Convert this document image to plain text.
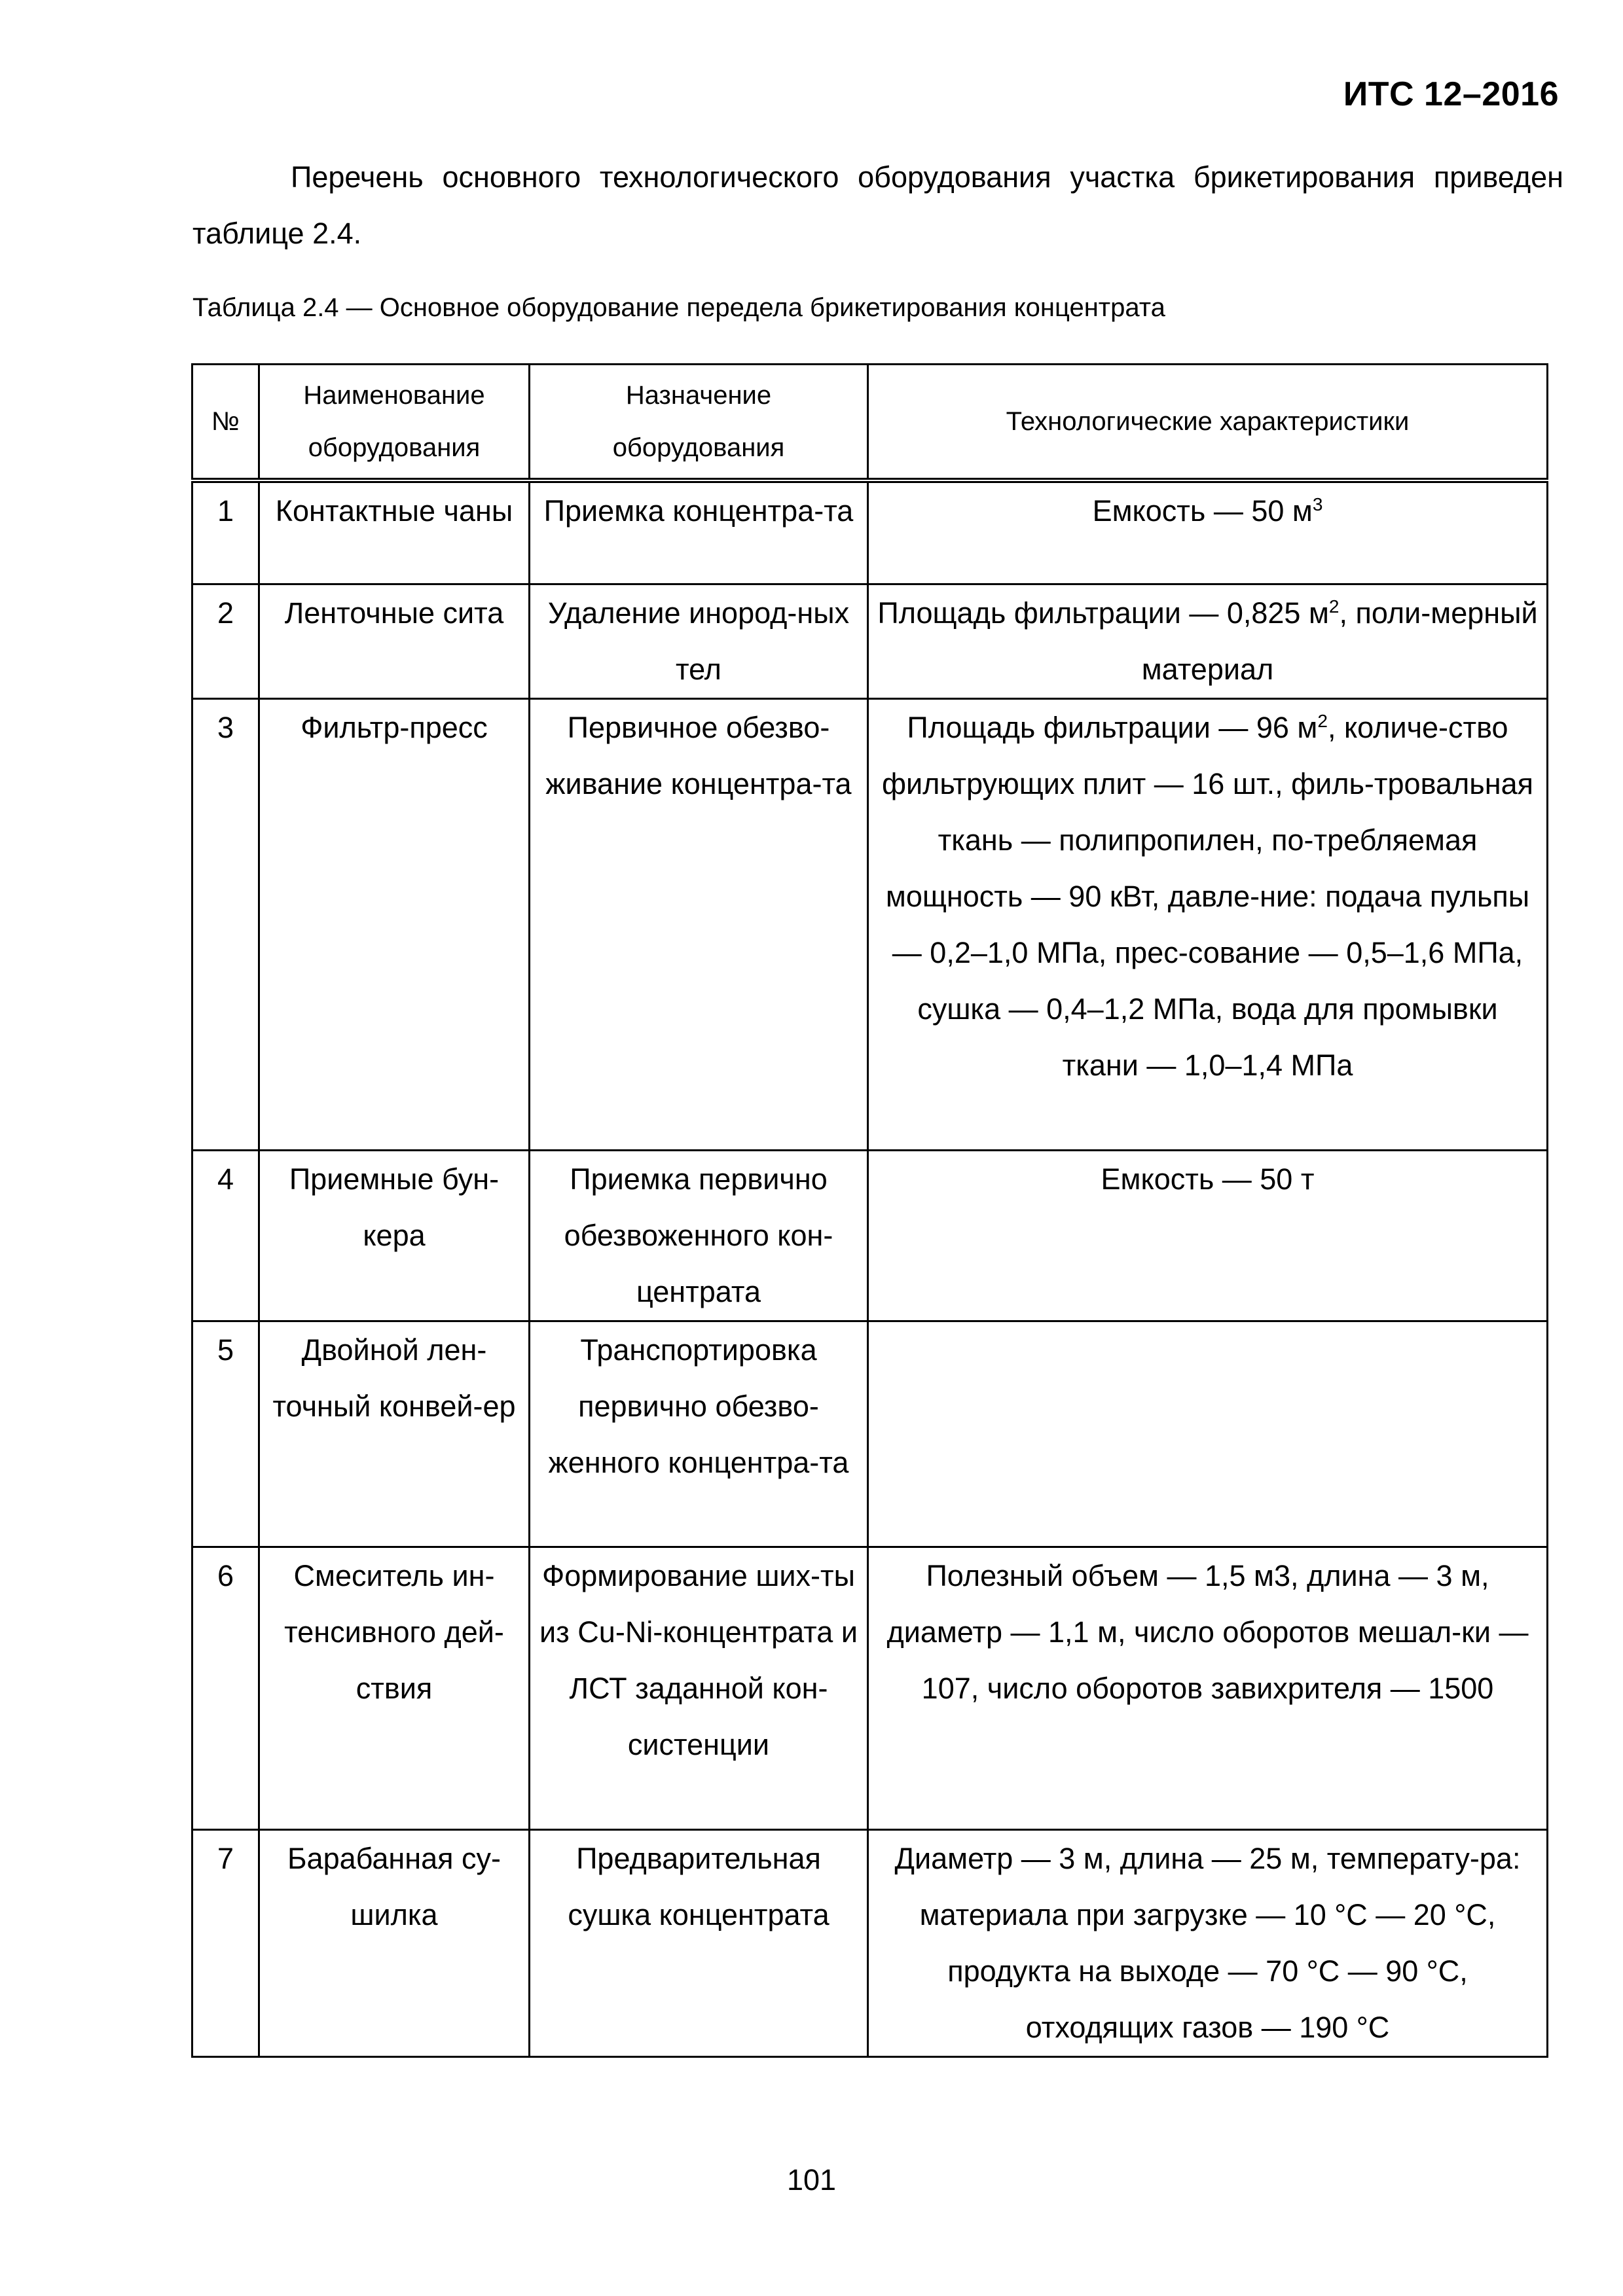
ИТС 12–2016

Перечень основного технологического оборудования участка брикетирования приведен таблице 2.4.

Таблица 2.4 — Основное оборудование передела брикетирования концентрата
№	Наименование оборудования	Назначение оборудования	Технологические характеристики
1	Контактные чаны	Приемка концентра-та	Емкость — 50 $м^3$
2	Ленточные сита	Удаление инород-ных тел	Площадь фильтрации — 0,825 $м^2$, поли-мерный материал
3	Фильтр-пресс	Первичное обезво-живание концентра-та	Площадь фильтрации — 96 $м^2$, количе-ство фильтрующих плит — 16 шт., филь-тровальная ткань — полипропилен, по-требляемая мощность — 90 кВт, давле-ние: подача пульпы — 0,2–1,0 МПа, прес-сование — 0,5–1,6 МПа, сушка — 0,4–1,2 МПа, вода для промывки ткани — 1,0–1,4 МПа
4	Приемные бун-кера	Приемка первично обезвоженного кон-центрата	Емкость — 50 т
5	Двойной лен-точный конвей-ер	Транспортировка первично обезво-женного концентра-та	
6	Смеситель ин-тенсивного дей-ствия	Формирование ших-ты из Cu-Ni-концентрата и ЛСТ заданной кон-систенции	Полезный объем — 1,5 м3, длина — 3 м, диаметр — 1,1 м, число оборотов мешал-ки — 107, число оборотов завихрителя — 1500
7	Барабанная су-шилка	Предварительная сушка концентрата	Диаметр — 3 м, длина — 25 м, температу-ра: материала при загрузке — 10 °C — 20 °C, продукта на выходе — 70 °C — 90 °C, отходящих газов — 190 °C
101
